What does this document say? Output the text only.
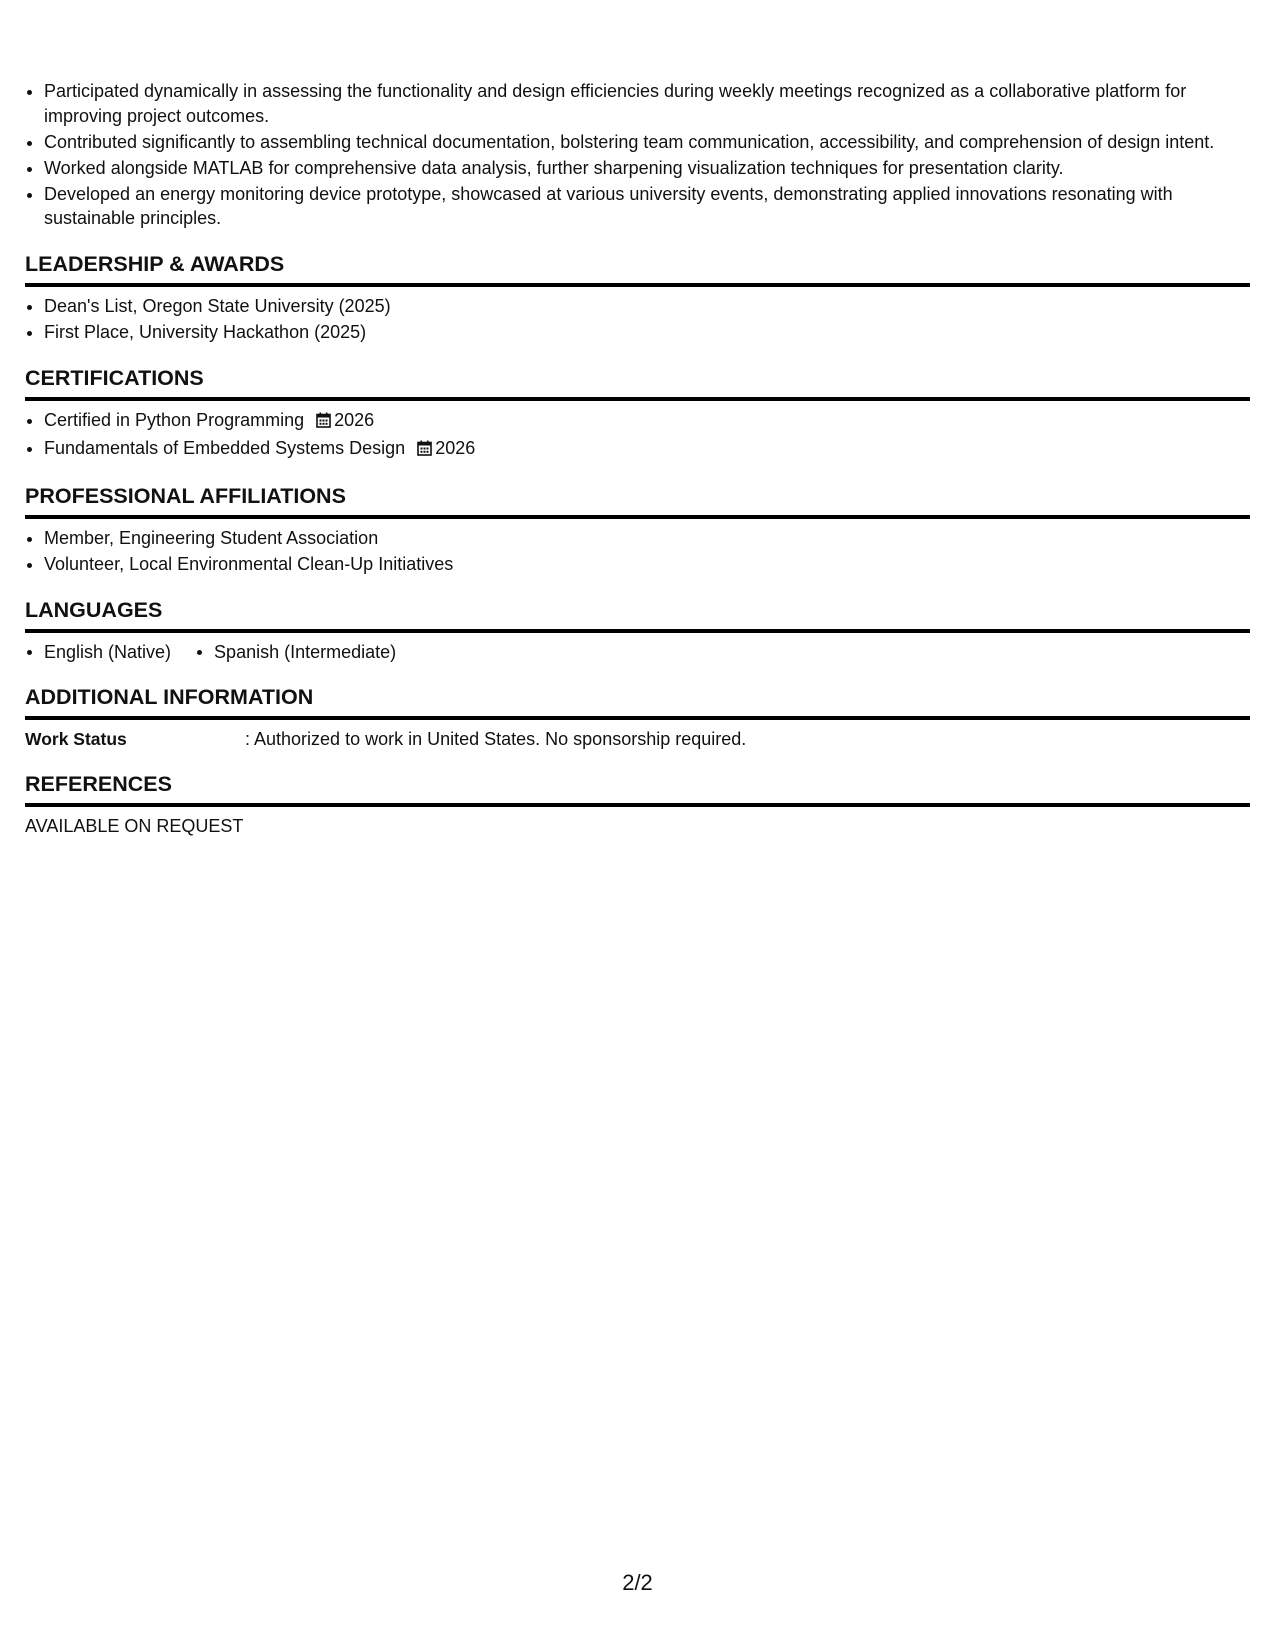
• Participated dynamically in assessing the functionality and design efficiencies during weekly meetings recognized as a collaborative platform for improving project outcomes.
• Contributed significantly to assembling technical documentation, bolstering team communication, accessibility, and comprehension of design intent.
• Worked alongside MATLAB for comprehensive data analysis, further sharpening visualization techniques for presentation clarity.
• Developed an energy monitoring device prototype, showcased at various university events, demonstrating applied innovations resonating with sustainable principles.
LEADERSHIP & AWARDS
• Dean's List, Oregon State University (2025)
• First Place, University Hackathon (2025)
CERTIFICATIONS
• Certified in Python Programming 2026
• Fundamentals of Embedded Systems Design 2026
PROFESSIONAL AFFILIATIONS
• Member, Engineering Student Association
• Volunteer, Local Environmental Clean-Up Initiatives
LANGUAGES
English (Native)	Spanish (Intermediate)
ADDITIONAL INFORMATION
Work Status	: Authorized to work in United States. No sponsorship required.
REFERENCES
AVAILABLE ON REQUEST
2/2
